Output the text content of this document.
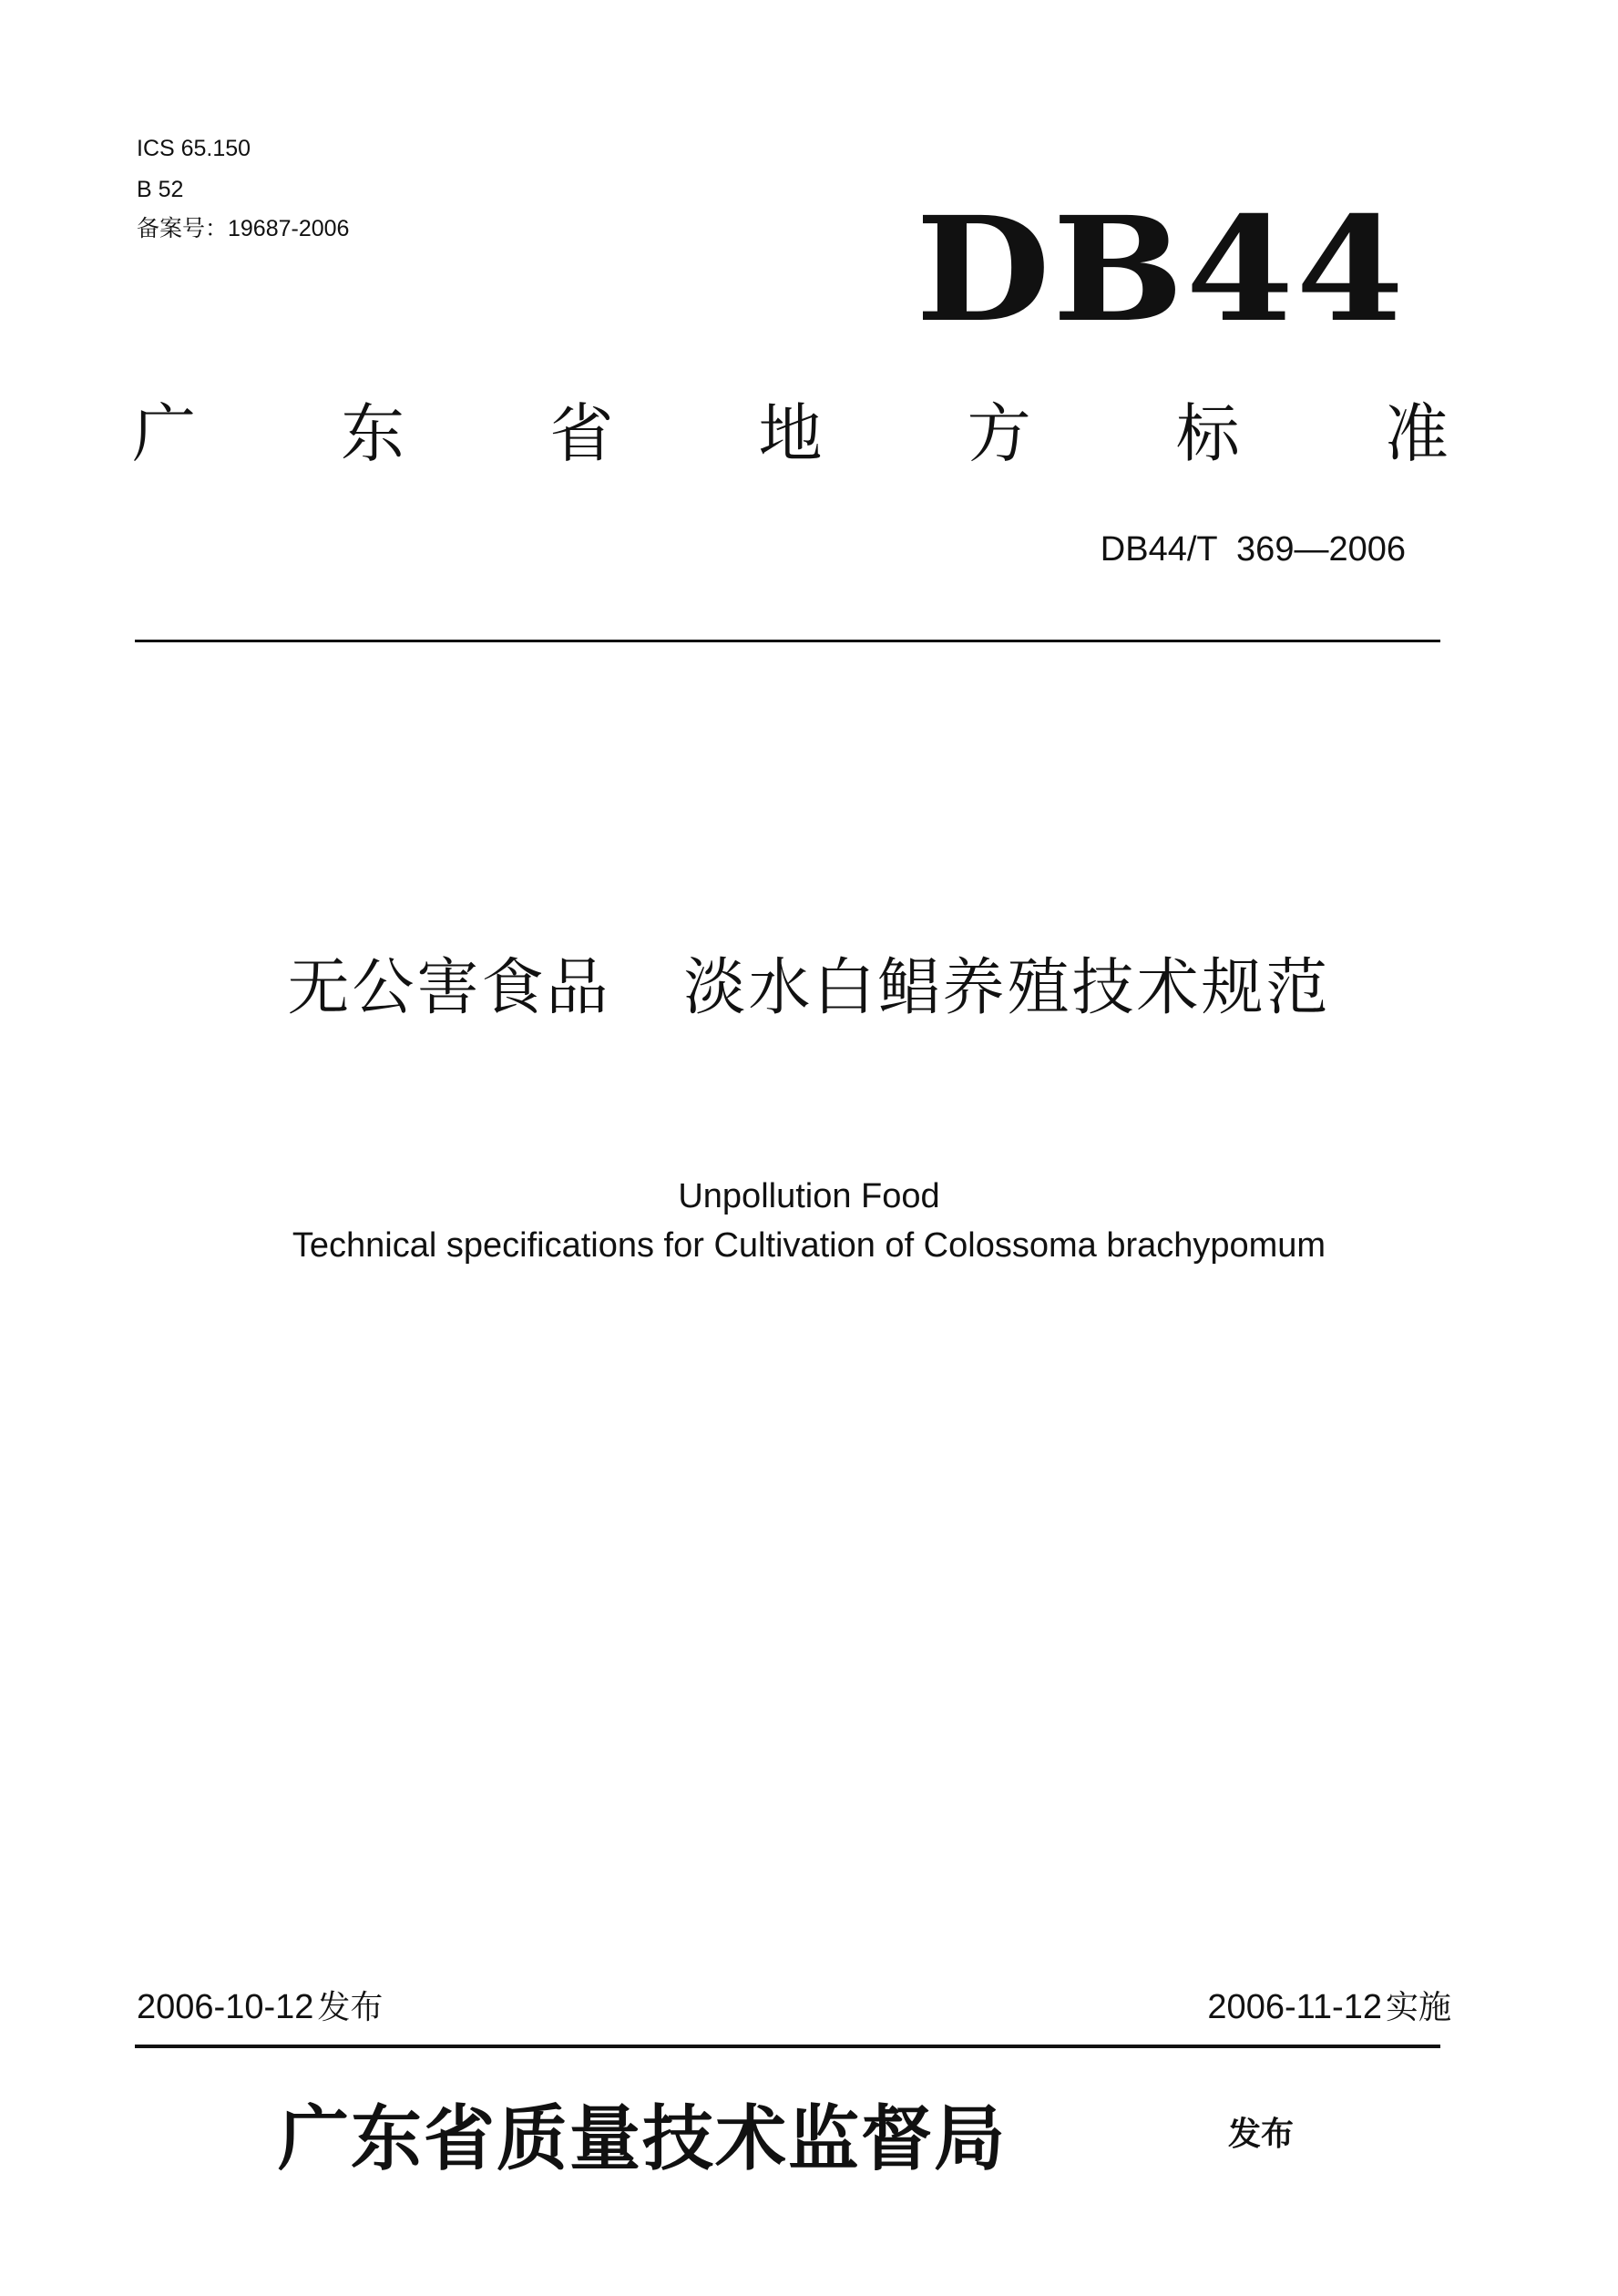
ICS 65.150
B 52
备案号：19687-2006	DB44
广 东 省 地 方 标 准
DB44/T  369—2006
无公害食品 淡水白鲳养殖技术规范
Unpollution Food
Technical specifications for Cultivation of Colossoma brachypomum
2006-10-12 发布	2006-11-12 实施
广东省质量技术监督局	发布
